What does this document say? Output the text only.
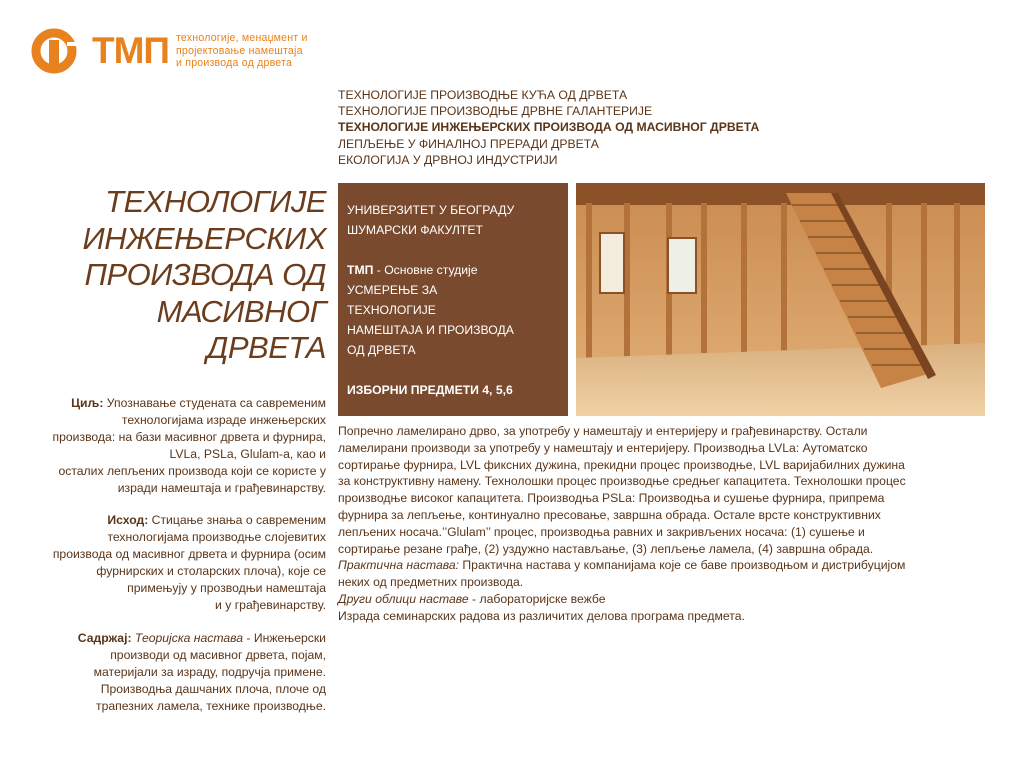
ТМП технологије, менаџмент и
пројектовање намештаја
и производа од дрвета
ТЕХНОЛОГИЈЕ ПРОИЗВОДЊЕ КУЋА ОД ДРВЕТА
ТЕХНОЛОГИЈЕ ПРОИЗВОДЊЕ ДРВНЕ ГАЛАНТЕРИЈЕ
ТЕХНОЛОГИЈЕ ИНЖЕЊЕРСКИХ ПРОИЗВОДА ОД МАСИВНОГ ДРВЕТА
ЛЕПЉЕЊЕ У ФИНАЛНОЈ ПРЕРАДИ ДРВЕТА
ЕКОЛОГИЈА У ДРВНОЈ ИНДУСТРИЈИ
ТЕХНОЛОГИЈЕ
ИНЖЕЊЕРСКИХ
ПРОИЗВОДА ОД
МАСИВНОГ
ДРВЕТА

Циљ: Упознавање студената са савременим
технологијама израде инжењерских
производа: на бази масивног дрвета и фурнира,
LVLa, PSLa, Glulam-а, као и
осталих лепљених производа који се користе у
изради намештаја и грађевинарству.

Исход: Стицање знања о савременим
технологијама производње слојевитих
производа од масивног дрвета и фурнира (осим
фурнирских и столарских плоча), које се
примењују у прозводњи намештаја
и у грађевинарству.

Садржај: Теоријска настава - Инжењерски
производи од масивног дрвета, појам,
материјали за израду, подручја примене.
Производња дашчаних плоча, плоче од
трапезних ламела, технике производње.

УНИВЕРЗИТЕТ У БЕОГРАДУ
ШУМАРСКИ ФАКУЛТЕТ
ТМП - Основне студије
УСМЕРЕЊЕ ЗА
ТЕХНОЛОГИЈЕ
НАМЕШТАЈА И ПРОИЗВОДА
ОД ДРВЕТА
ИЗБОРНИ ПРЕДМЕТИ 4, 5,6

Попречно ламелирано дрво, за употребу у намештају и ентеријеру и грађевинарству. Остали

ламелирани производи за употребу у намештају и ентеријеру. Производња LVLа: Аутоматско

сортирање фурнира, LVL фиксних дужина, прекидни процес производње, LVL варијабилних дужина

за конструктивну намену. Технолошки процес производње средњег капацитета. Технолошки процес

производње високог капацитета. Производња PSLа: Производња и сушење фурнира, припрема

фурнира за лепљење, континуално пресовање, завршна обрада. Остале врсте конструктивних

лепљених носача.’’Glulam’’ процес, производња равних и закривљених носача: (1) сушење и

сортирање резане грађе, (2) уздужно настављање, (3) лепљење ламела, (4) завршна обрада.

Практична настава: Практична настава у компанијама које се баве производњом и дистрибуцијом

неких од предметних производа.

Други облици наставе - лабораторијске вежбе

Израда семинарских радова из различитих делова програма предмета.
